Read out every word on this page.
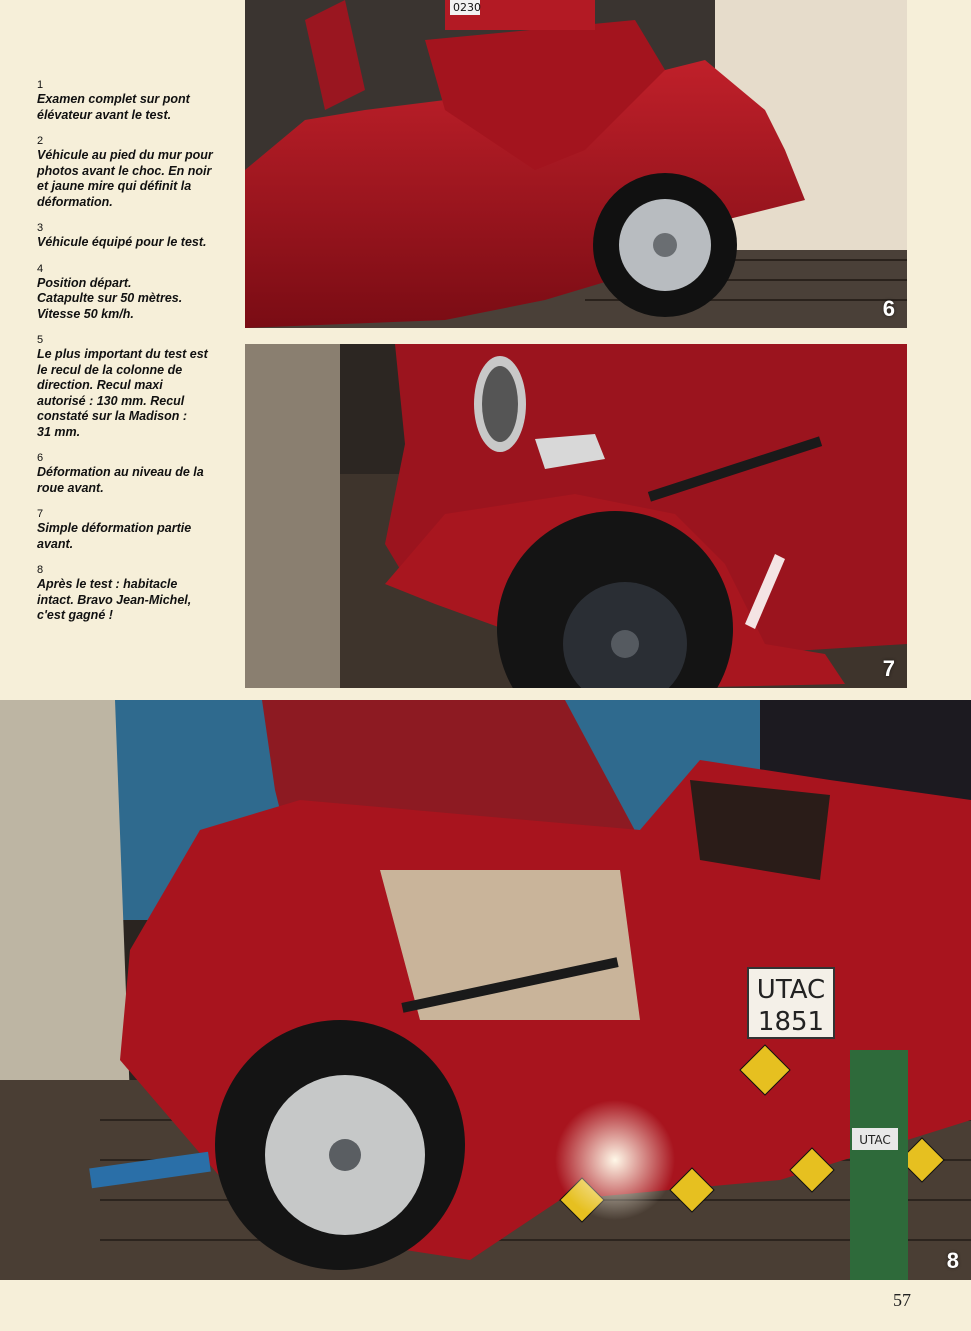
1
Examen complet sur pont
élévateur avant le test.
2
Véhicule au pied du mur pour
photos avant le choc. En noir
et jaune mire qui définit la
déformation.
3
Véhicule équipé pour le test.
4
Position départ.
Catapulte sur 50 mètres.
Vitesse 50 km/h.
5
Le plus important du test est
le recul de la colonne de
direction. Recul maxi
autorisé : 130 mm. Recul
constaté sur la Madison :
31 mm.
6
Déformation au niveau de la
roue avant.
7
Simple déformation partie
avant.
8
Après le test : habitacle
intact. Bravo Jean-Michel,
c'est gagné !
0230
6
7
UTAC
1851
UTAC
8
57
